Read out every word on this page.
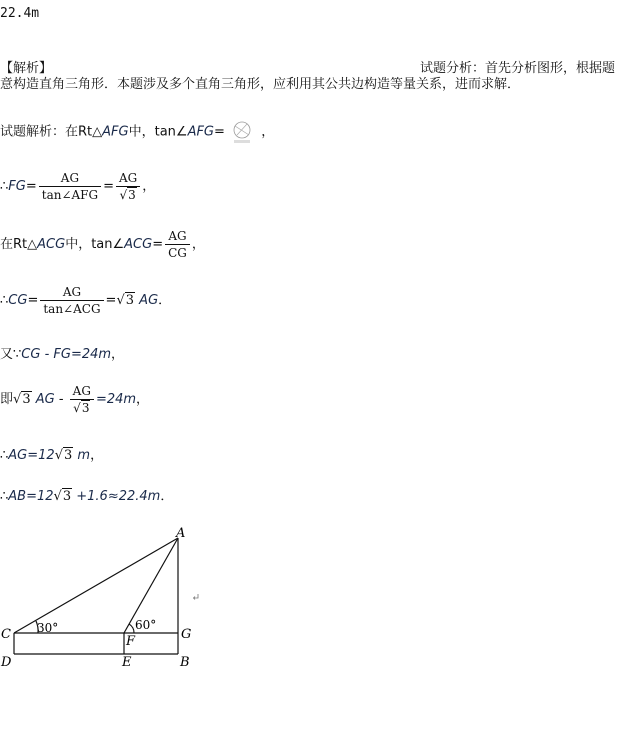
22.4m
【解析】	试题分析：首先分析图形，根据题
意构造直角三角形．本题涉及多个直角三角形，应利用其公共边构造等量关系，进而求解．
试题解析：在Rt△AFG中，tan∠AFG=	，
∴FG= $\frac{AG}{\text{tan∠AFG}} = \frac{AG}{√3}$ ，
在Rt△ACG中，tan∠ACG= $\frac{AG}{CG}$ ，
∴CG= $\frac{AG}{\text{tan∠ACG}} =√3$ AG．
又∵CG - FG=24m，
即√3 AG - $\frac{AG}{√3} =24m$，
∴AG=12√3 m，
∴AB=12√3 +1.6≈22.4m．
A
B
C
D	E
F	G
30°	60°
